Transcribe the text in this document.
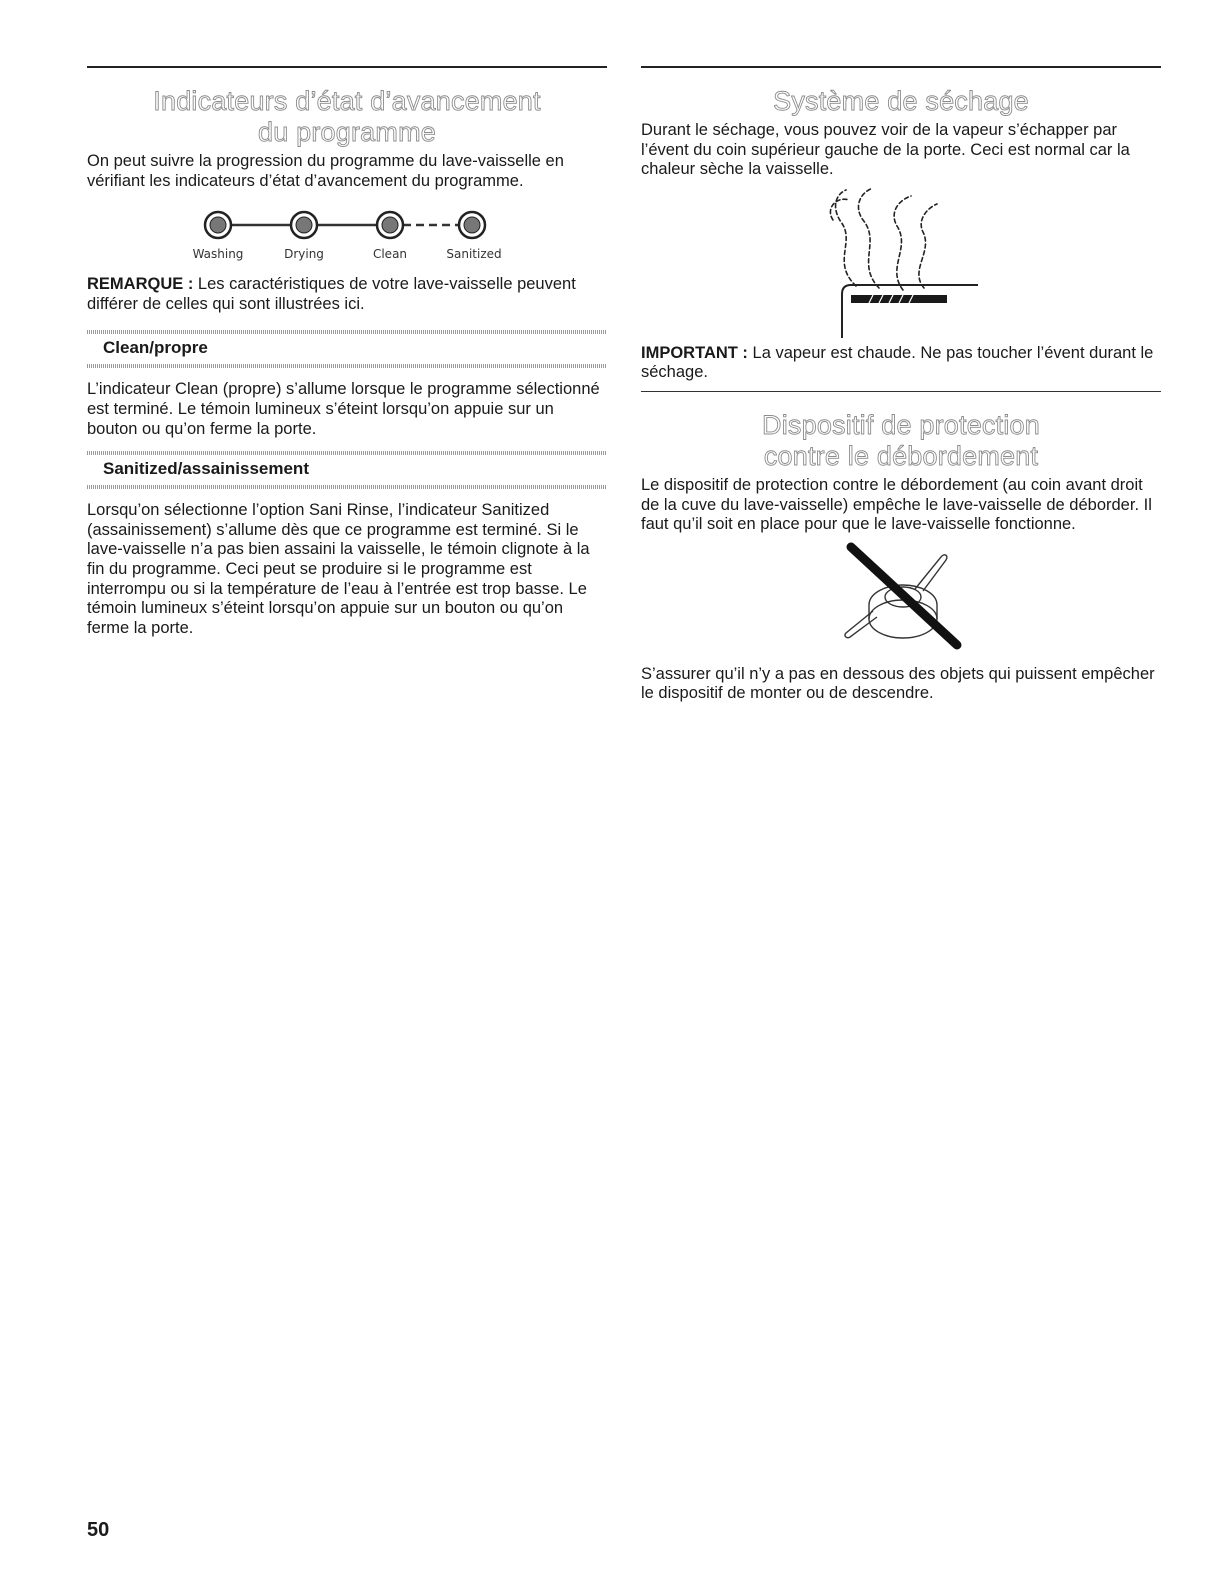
Indicateurs d’état d’avancement
du programme

On peut suivre la progression du programme du lave-vaisselle en vérifiant les indicateurs d’état d’avancement du programme.

Washing	Drying	Clean	Sanitized

REMARQUE : Les caractéristiques de votre lave-vaisselle peuvent différer de celles qui sont illustrées ici.

Clean/propre

L’indicateur Clean (propre) s’allume lorsque le programme sélectionné est terminé. Le témoin lumineux s’éteint lorsqu’on appuie sur un bouton ou qu’on ferme la porte.

Sanitized/assainissement

Lorsqu’on sélectionne l’option Sani Rinse, l’indicateur Sanitized (assainissement) s’allume dès que ce programme est terminé. Si le lave-vaisselle n’a pas bien assaini la vaisselle, le témoin clignote à la fin du programme. Ceci peut se produire si le programme est interrompu ou si la température de l’eau à l’entrée est trop basse. Le témoin lumineux s’éteint lorsqu’on appuie sur un bouton ou qu’on ferme la porte.

Système de séchage

Durant le séchage, vous pouvez voir de la vapeur s’échapper par l’évent du coin supérieur gauche de la porte. Ceci est normal car la chaleur sèche la vaisselle.

IMPORTANT : La vapeur est chaude. Ne pas toucher l’évent durant le séchage.

Dispositif de protection
contre le débordement

Le dispositif de protection contre le débordement (au coin avant droit de la cuve du lave-vaisselle) empêche le lave-vaisselle de déborder. Il faut qu’il soit en place pour que le lave-vaisselle fonctionne.

S’assurer qu’il n’y a pas en dessous des objets qui puissent empêcher le dispositif de monter ou de descendre.

50
